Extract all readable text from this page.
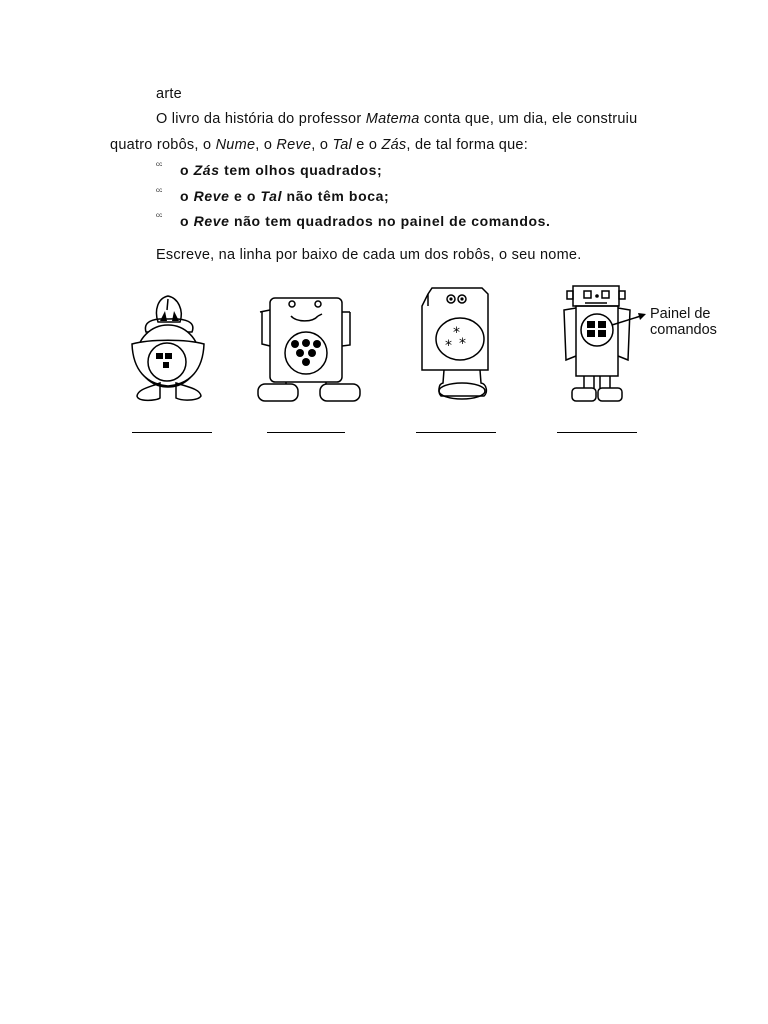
arte
O livro da história do professor Matema conta que, um dia, ele construiu
quatro robôs, o Nume, o Reve, o Tal e o Zás, de tal forma que:
ᶜᶜ o Zás tem olhos quadrados;
ᶜᶜ o Reve e o Tal não têm boca;
ᶜᶜ o Reve não tem quadrados no painel de comandos.
Escreve, na linha por baixo de cada um dos robôs, o seu nome.
*
* *
Painel de
comandos
